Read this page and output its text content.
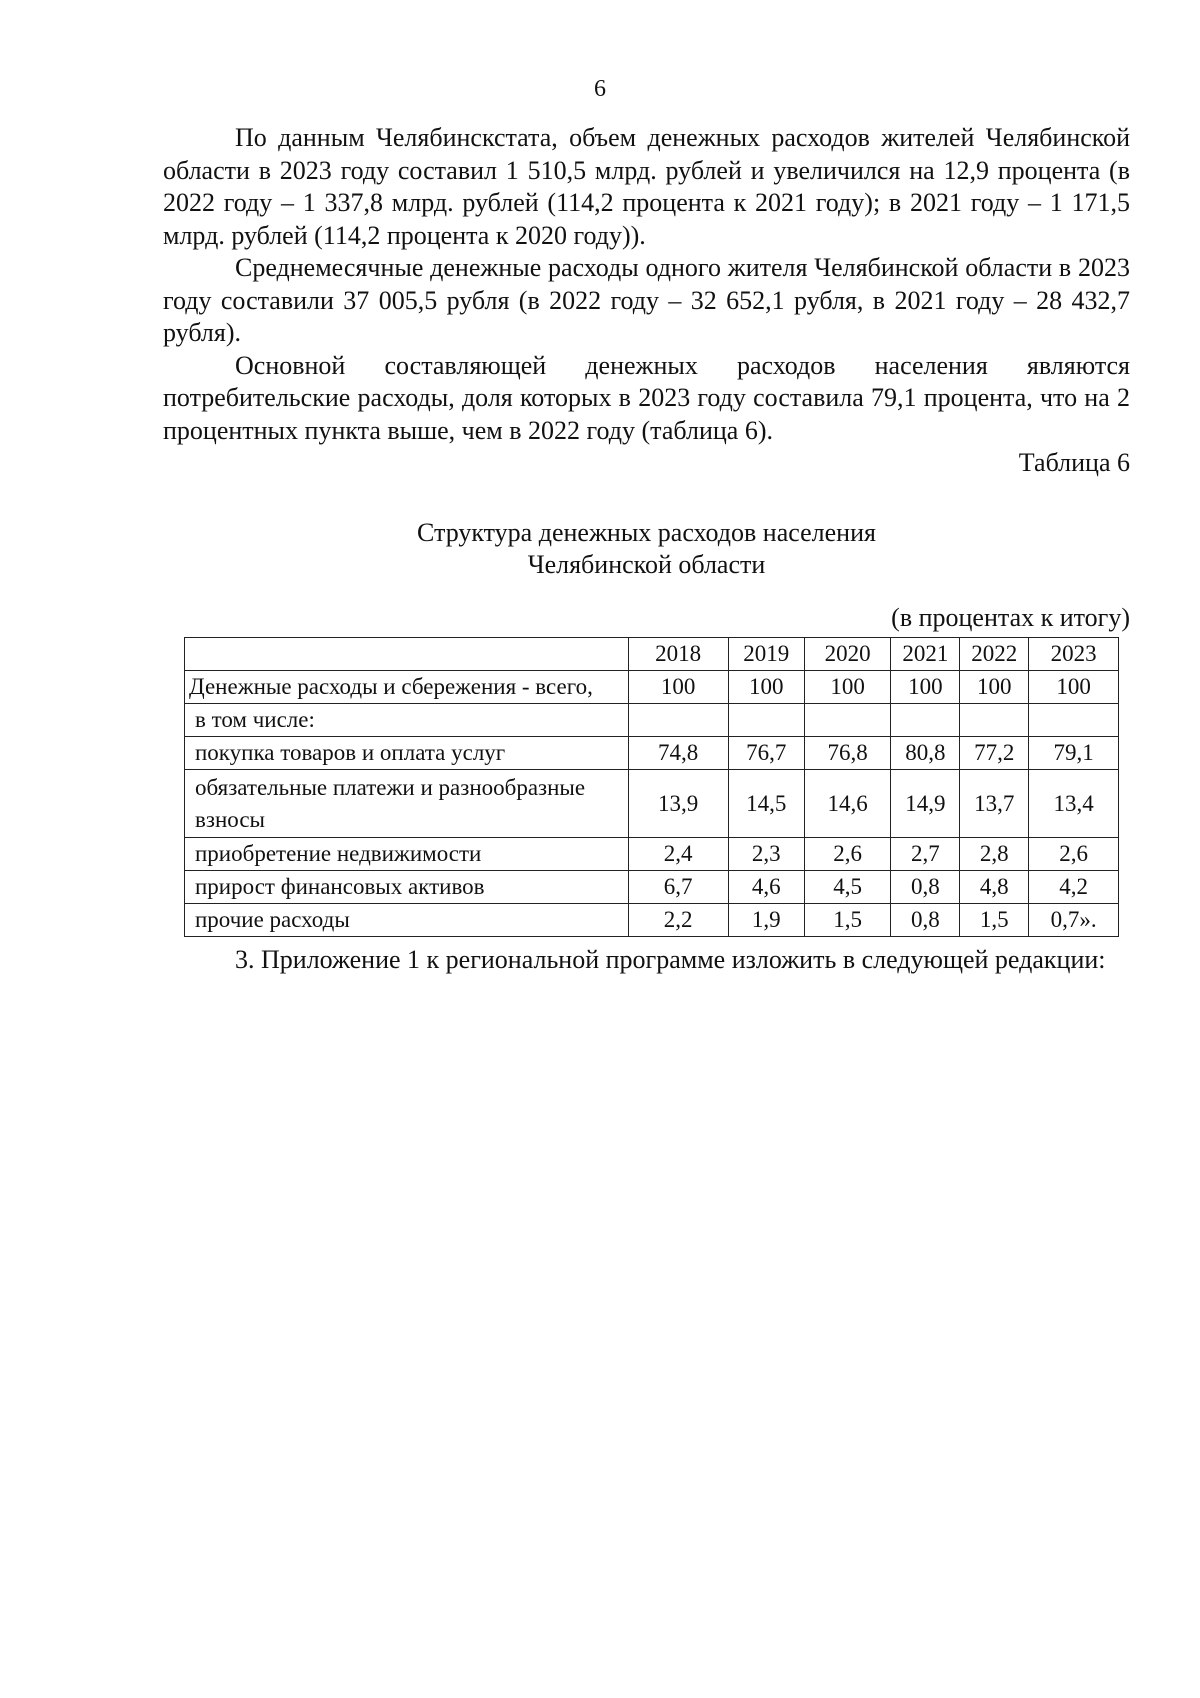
6

По данным Челябинскстата, объем денежных расходов жителей Челябинской области в 2023 году составил 1 510,5 млрд. рублей и увеличился на 12,9 процента (в 2022 году – 1 337,8 млрд. рублей (114,2 процента к 2021 году); в 2021 году – 1 171,5 млрд. рублей (114,2 процента к 2020 году)).

Среднемесячные денежные расходы одного жителя Челябинской области в 2023 году составили 37 005,5 рубля (в 2022 году – 32 652,1 рубля, в 2021 году – 28 432,7 рубля).

Основной составляющей денежных расходов населения являются потребительские расходы, доля которых в 2023 году составила 79,1 процента, что на 2 процентных пункта выше, чем в 2022 году (таблица 6).

Таблица 6

Структура денежных расходов населения
Челябинской области
(в процентах к итогу)
	2018	2019	2020	2021	2022	2023
Денежные расходы и сбережения - всего,	100	100	100	100	100	100
в том числе:						
покупка товаров и оплата услуг	74,8	76,7	76,8	80,8	77,2	79,1
обязательные платежи и разнообразные взносы	13,9	14,5	14,6	14,9	13,7	13,4
приобретение недвижимости	2,4	2,3	2,6	2,7	2,8	2,6
прирост финансовых активов	6,7	4,6	4,5	0,8	4,8	4,2
прочие расходы	2,2	1,9	1,5	0,8	1,5	0,7».

3. Приложение 1 к региональной программе изложить в следующей редакции:
